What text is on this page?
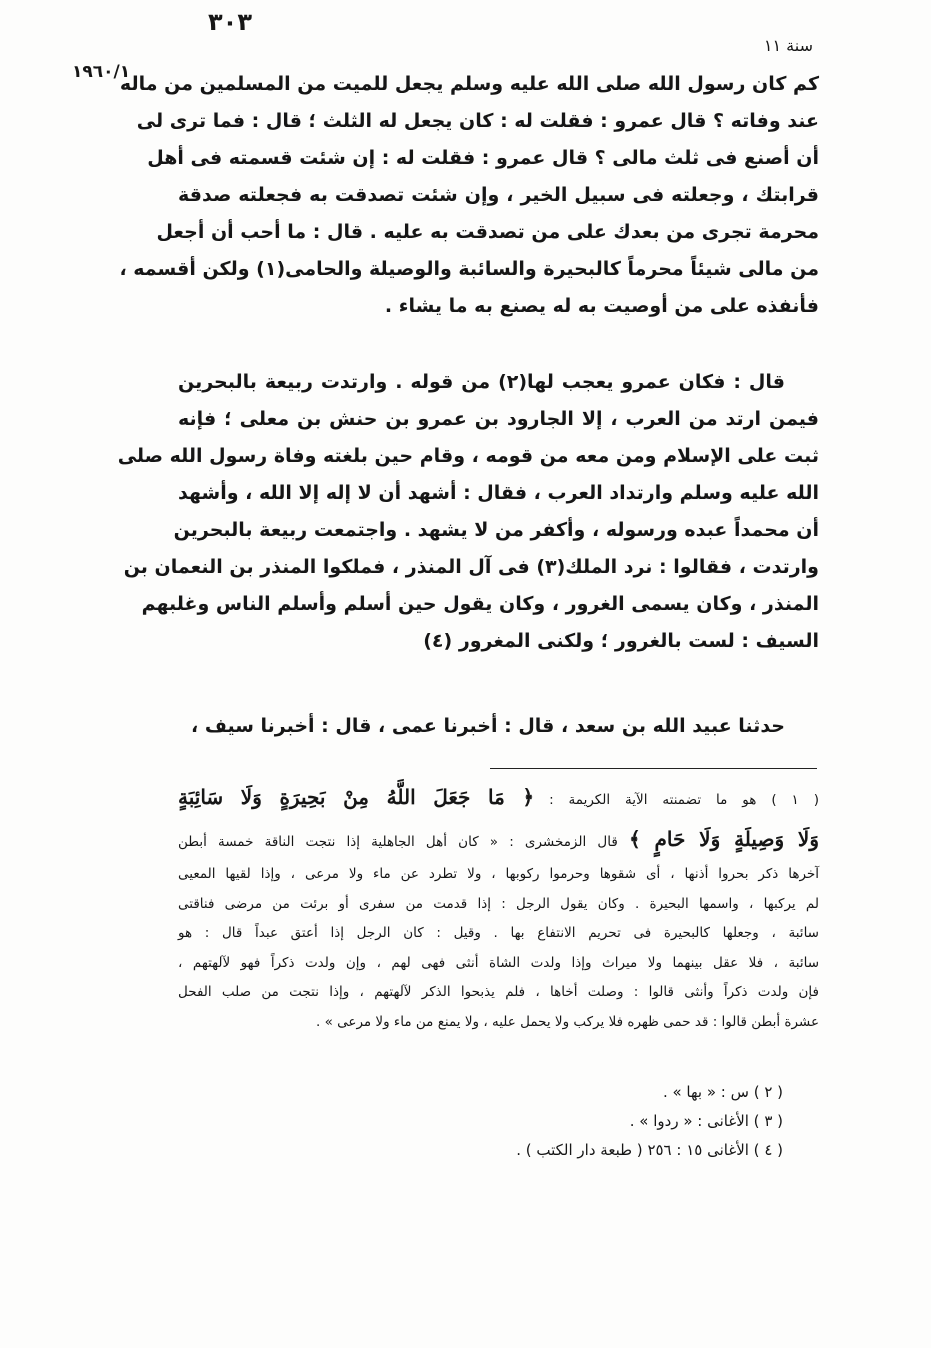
٣٠٣
سنة ١١
١٩٦٠/١
كم كان رسول الله صلى الله عليه وسلم يجعل للميت من المسلمين من ماله
عند وفاته ؟ قال عمرو : فقلت له : كان يجعل له الثلث ؛ قال : فما ترى لى
أن أصنع فى ثلث مالى ؟ قال عمرو : فقلت له : إن شئت قسمته فى أهل
قرابتك ، وجعلته فى سبيل الخير ، وإن شئت تصدقت به فجعلته صدقة
محرمة تجرى من بعدك على من تصدقت به عليه . قال : ما أحب أن أجعل
من مالى شيئاً محرماً كالبحيرة والسائبة والوصيلة والحامى(١) ولكن أقسمه ،
فأنفذه على من أوصيت به له يصنع به ما يشاء .
قال : فكان عمرو يعجب لها(٢) من قوله . وارتدت ربيعة بالبحرين
فيمن ارتد من العرب ، إلا الجارود بن عمرو بن حنش بن معلى ؛ فإنه
ثبت على الإسلام ومن معه من قومه ، وقام حين بلغته وفاة رسول الله صلى
الله عليه وسلم وارتداد العرب ، فقال : أشهد أن لا إله إلا الله ، وأشهد
أن محمداً عبده ورسوله ، وأكفر من لا يشهد . واجتمعت ربيعة بالبحرين
وارتدت ، فقالوا : نرد الملك(٣) فى آل المنذر ، فملكوا المنذر بن النعمان بن
المنذر ، وكان يسمى الغرور ، وكان يقول حين أسلم وأسلم الناس وغلبهم
السيف : لست بالغرور ؛ ولكنى المغرور (٤)
حدثنا عبيد الله بن سعد ، قال : أخبرنا عمى ، قال : أخبرنا سيف ،
( ١ ) هو ما تضمنته الآية الكريمة : ﴿ مَا جَعَلَ اللَّهُ مِنْ بَحِيرَةٍ وَلَا سَائِبَةٍ
وَلَا وَصِيلَةٍ وَلَا حَامٍ ﴾ قال الزمخشرى : « كان أهل الجاهلية إذا نتجت الناقة خمسة أبطن
آخرها ذكر بحروا أذنها ، أى شقوها وحرموا ركوبها ، ولا تطرد عن ماء ولا مرعى ، وإذا لقيها المعيى
لم يركبها ، واسمها البحيرة . وكان يقول الرجل : إذا قدمت من سفرى أو برئت من مرضى فناقتى
سائبة ، وجعلها كالبحيرة فى تحريم الانتفاع بها . وقيل : كان الرجل إذا أعتق عبداً قال : هو
سائبة ، فلا عقل بينهما ولا ميراث وإذا ولدت الشاة أنثى فهى لهم ، وإن ولدت ذكراً فهو لآلهتهم ،
فإن ولدت ذكراً وأنثى قالوا : وصلت أخاها ، فلم يذبحوا الذكر لآلهتهم ، وإذا نتجت من صلب الفحل
عشرة أبطن قالوا : قد حمى ظهره فلا يركب ولا يحمل عليه ، ولا يمنع من ماء ولا مرعى » .
( ٢ ) س : « بها » .
( ٣ ) الأغانى : « ردوا » .
( ٤ ) الأغانى ١٥ : ٢٥٦ ( طبعة دار الكتب ) .
